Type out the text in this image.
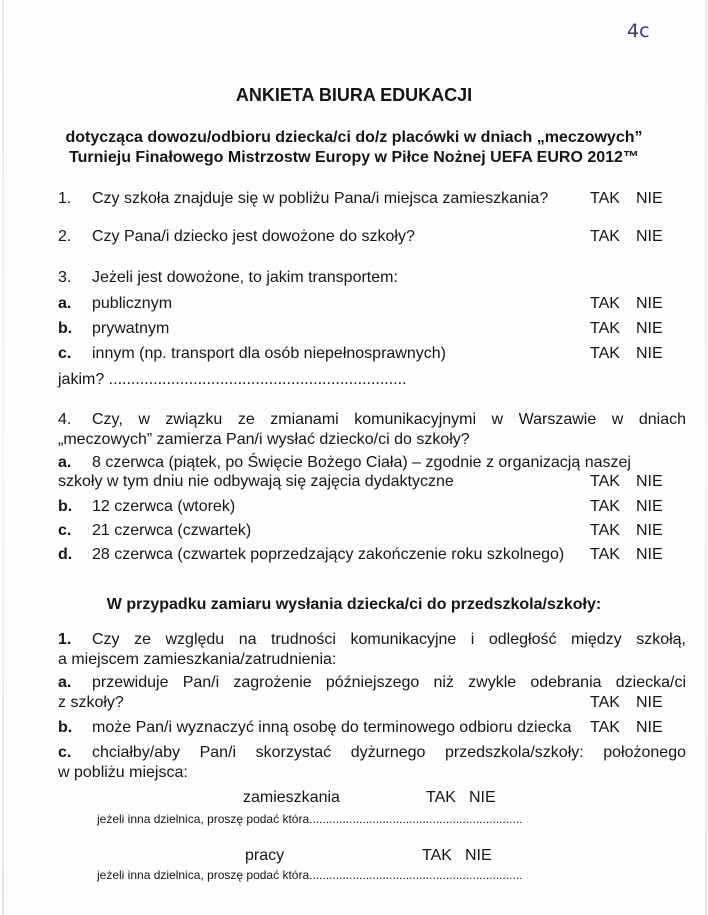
4c
ANKIETA BIURA EDUKACJI
dotycząca dowozu/odbioru dziecka/ci do/z placówki w dniach „meczowych”
Turnieju Finałowego Mistrzostw Europy w Piłce Nożnej UEFA EURO 2012™
1. Czy szkoła znajduje się w pobliżu Pana/i miejsca zamieszkania?	TAK NIE
2. Czy Pana/i dziecko jest dowożone do szkoły?	TAK NIE
3. Jeżeli jest dowożone, to jakim transportem:
a. publicznym	TAK NIE
b. prywatnym	TAK NIE
c. innym (np. transport dla osób niepełnosprawnych)	TAK NIE
jakim? ...................................................................
4. Czy, w związku ze zmianami komunikacyjnymi w Warszawie w dniach
„meczowych” zamierza Pan/i wysłać dziecko/ci do szkoły?
a. 8 czerwca (piątek, po Święcie Bożego Ciała) – zgodnie z organizacją naszej
szkoły w tym dniu nie odbywają się zajęcia dydaktyczne	TAK NIE
b. 12 czerwca (wtorek)	TAK NIE
c. 21 czerwca (czwartek)	TAK NIE
d. 28 czerwca (czwartek poprzedzający zakończenie roku szkolnego) TAK NIE
W przypadku zamiaru wysłania dziecka/ci do przedszkola/szkoły:
1. Czy ze względu na trudności komunikacyjne i odległość między szkołą,
a miejscem zamieszkania/zatrudnienia:
a. przewiduje Pan/i zagrożenie późniejszego niż zwykle odebrania dziecka/ci
z szkoły?	TAK NIE
b. może Pan/i wyznaczyć inną osobę do terminowego odbioru dziecka TAK NIE
c. chciałby/aby Pan/i skorzystać dyżurnego przedszkola/szkoły: położonego
w pobliżu miejsca:
zamieszkania	TAK NIE
jeżeli inna dzielnica, proszę podać która................................................................
pracy	TAK NIE
jeżeli inna dzielnica, proszę podać która................................................................
